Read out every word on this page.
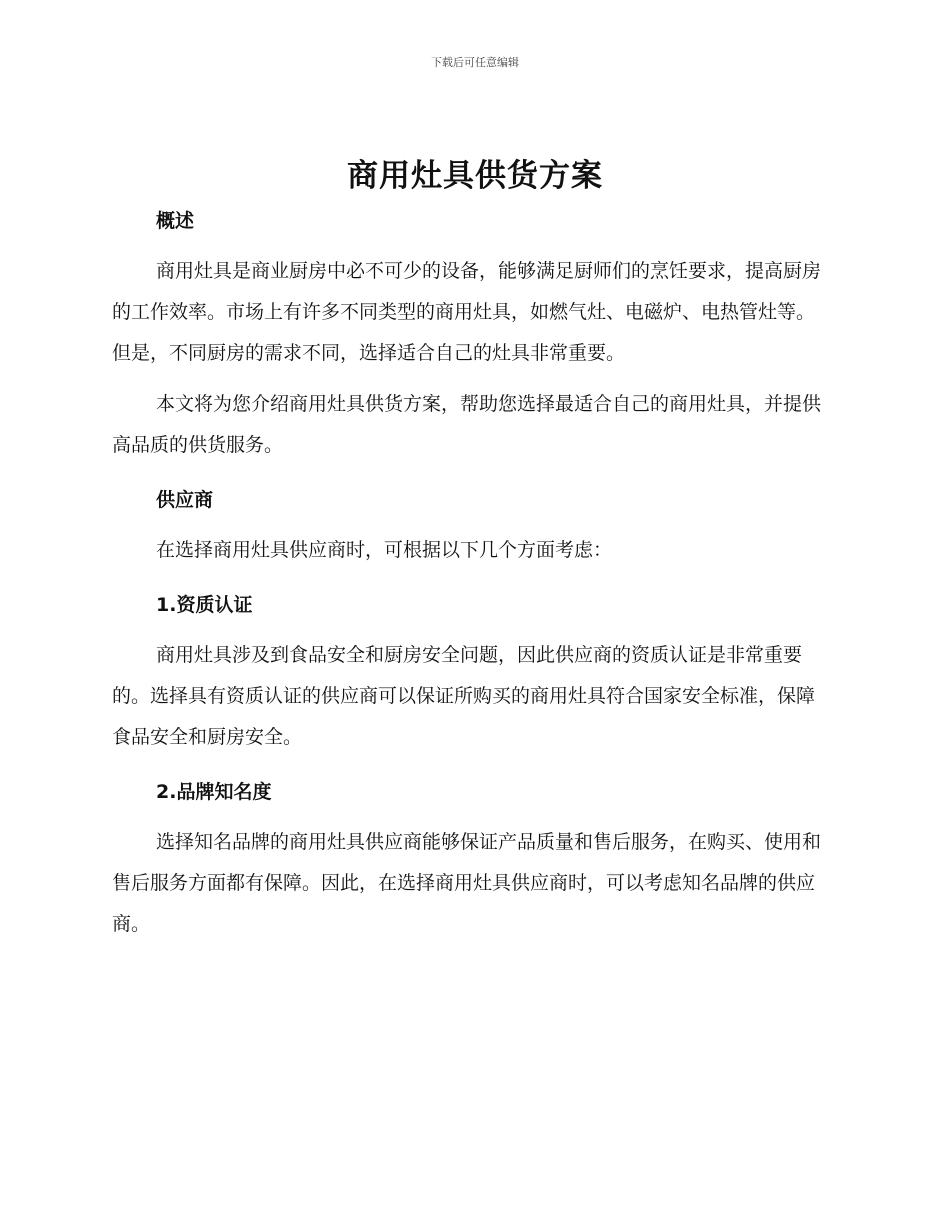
下载后可任意编辑
商用灶具供货方案
概述

商用灶具是商业厨房中必不可少的设备，能够满足厨师们的烹饪要求，提高厨房的工作效率。市场上有许多不同类型的商用灶具，如燃气灶、电磁炉、电热管灶等。但是，不同厨房的需求不同，选择适合自己的灶具非常重要。

本文将为您介绍商用灶具供货方案，帮助您选择最适合自己的商用灶具，并提供高品质的供货服务。

供应商

在选择商用灶具供应商时，可根据以下几个方面考虑：

1.资质认证

商用灶具涉及到食品安全和厨房安全问题，因此供应商的资质认证是非常重要的。选择具有资质认证的供应商可以保证所购买的商用灶具符合国家安全标准，保障食品安全和厨房安全。

2.品牌知名度

选择知名品牌的商用灶具供应商能够保证产品质量和售后服务，在购买、使用和售后服务方面都有保障。因此，在选择商用灶具供应商时，可以考虑知名品牌的供应商。
